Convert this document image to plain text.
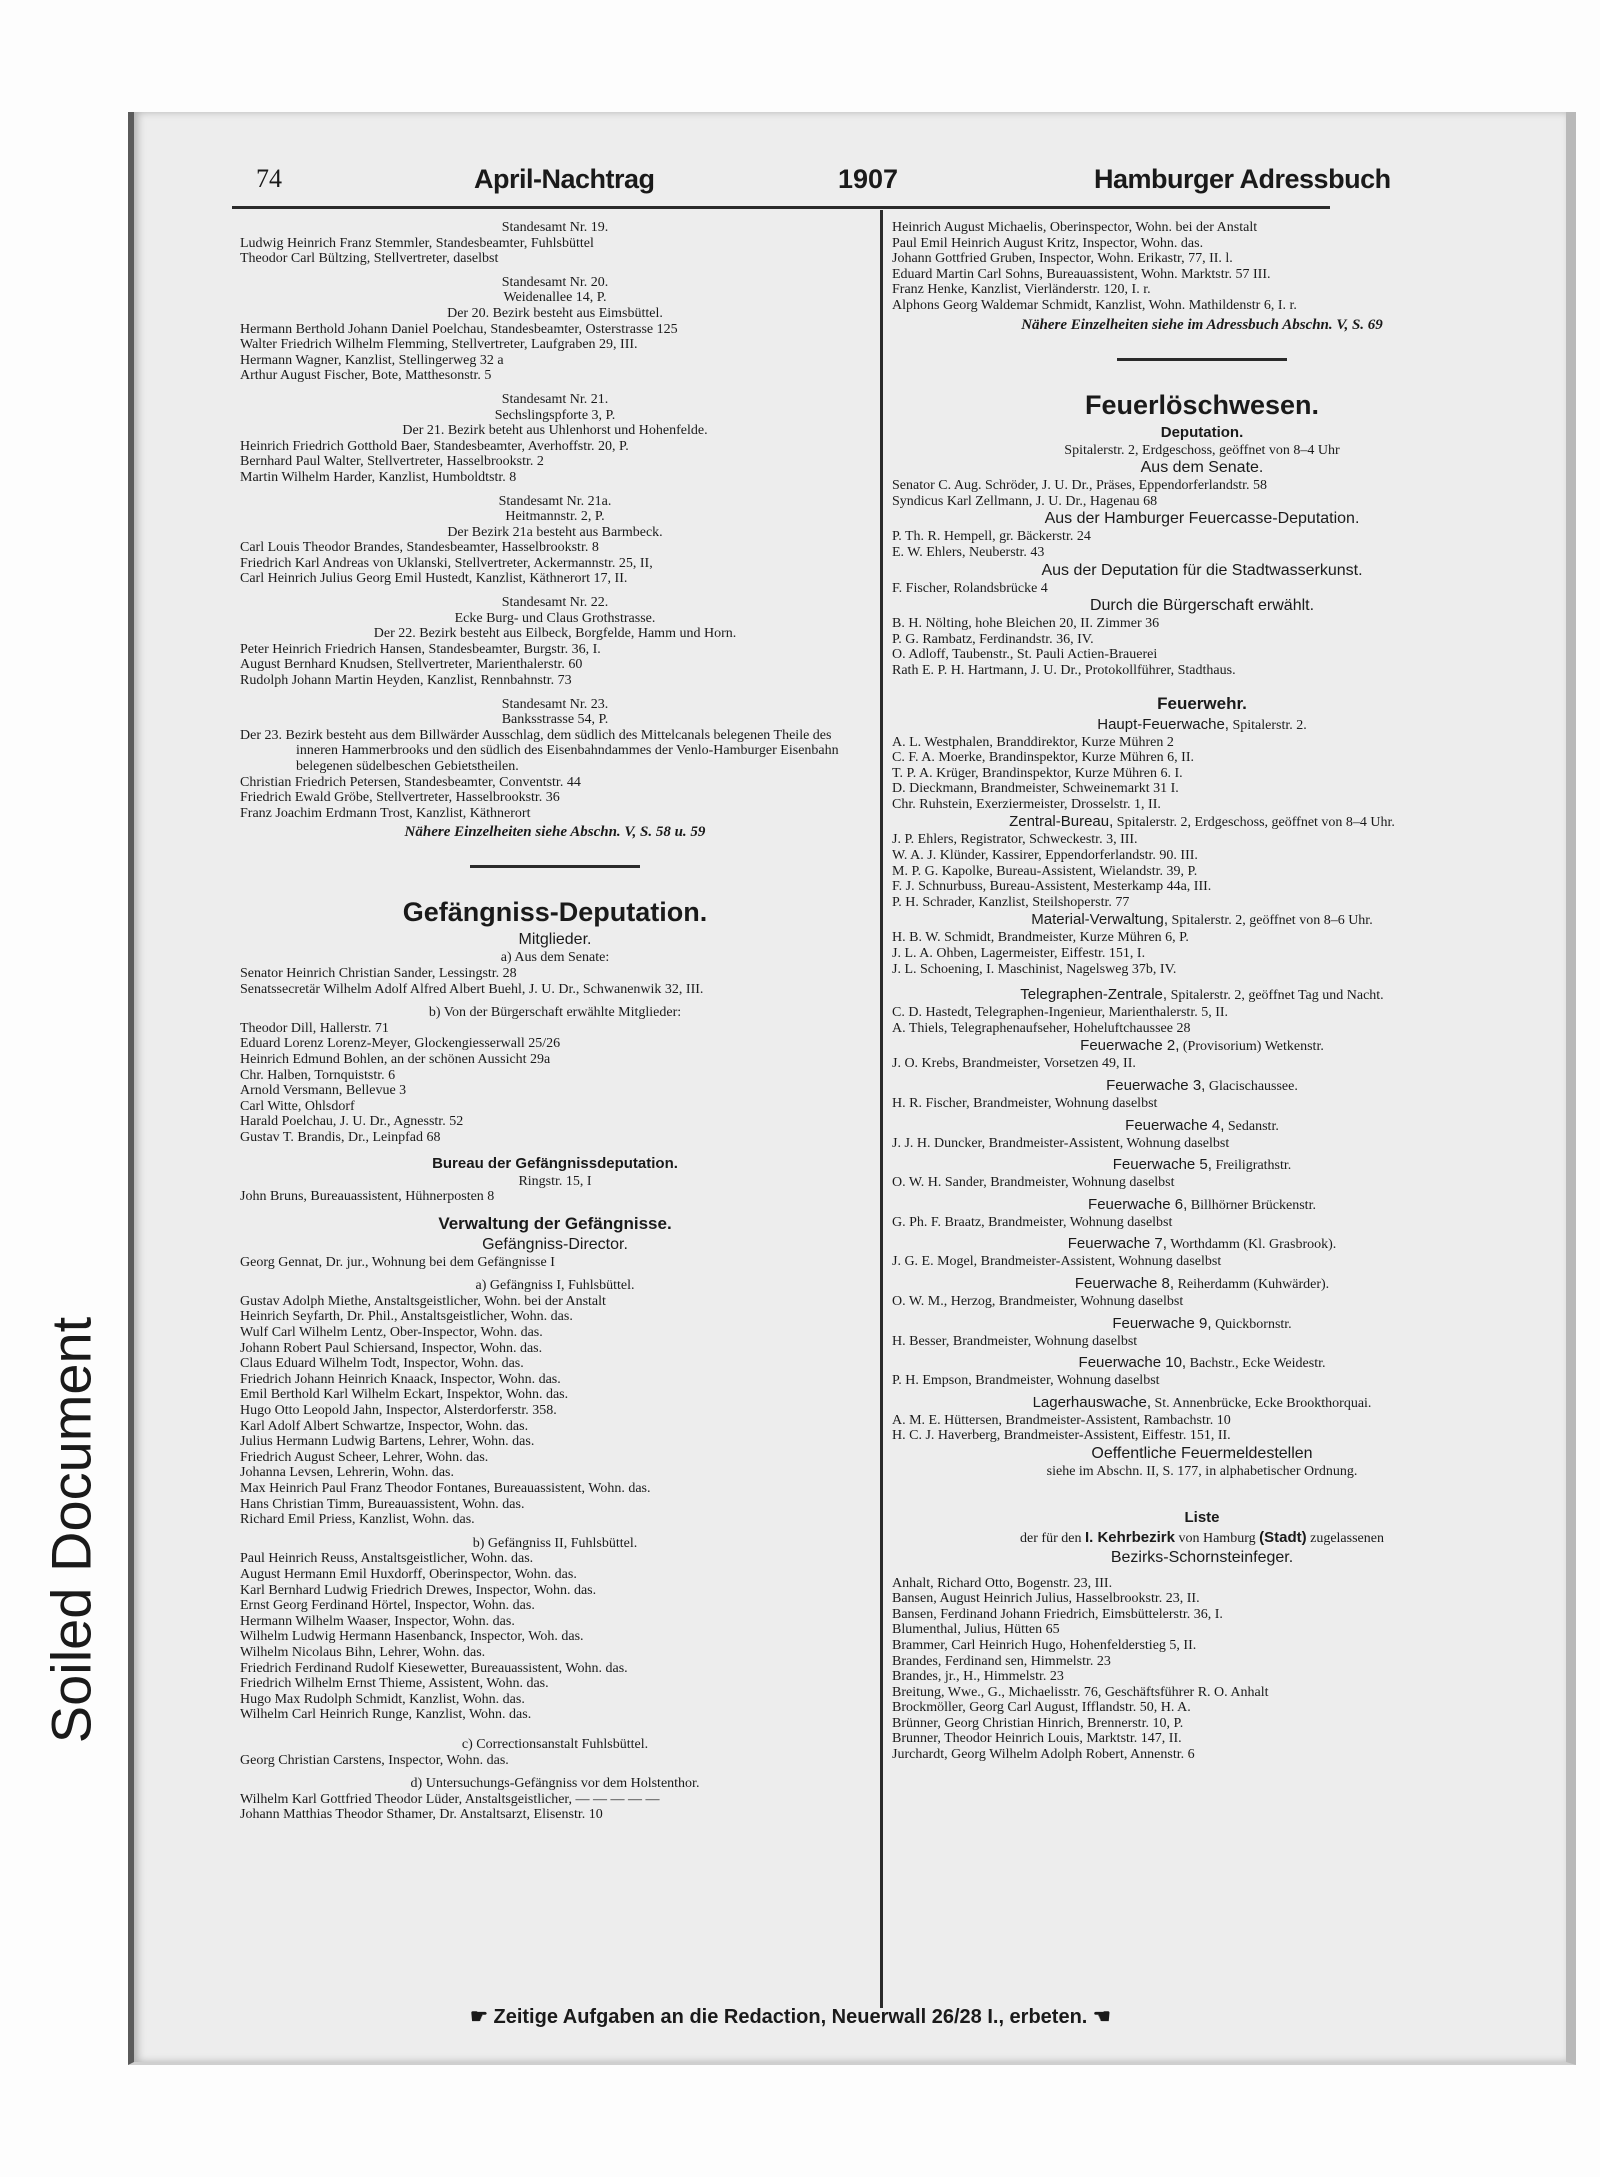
Soiled Document
74	April-Nachtrag	1907	Hamburger Adressbuch
Standesamt Nr. 19.
Ludwig Heinrich Franz Stemmler, Standesbeamter, Fuhlsbüttel
Theodor Carl Bültzing, Stellvertreter, daselbst
Standesamt Nr. 20.
Weidenallee 14, P.
Der 20. Bezirk besteht aus Eimsbüttel.
Hermann Berthold Johann Daniel Poelchau, Standesbeamter, Osterstrasse 125
Walter Friedrich Wilhelm Flemming, Stellvertreter, Laufgraben 29, III.
Hermann Wagner, Kanzlist, Stellingerweg 32 a
Arthur August Fischer, Bote, Matthesonstr. 5
Standesamt Nr. 21.
Sechslingspforte 3, P.
Der 21. Bezirk beteht aus Uhlenhorst und Hohenfelde.
Heinrich Friedrich Gotthold Baer, Standesbeamter, Averhoffstr. 20, P.
Bernhard Paul Walter, Stellvertreter, Hasselbrookstr. 2
Martin Wilhelm Harder, Kanzlist, Humboldtstr. 8
Standesamt Nr. 21a.
Heitmannstr. 2, P.
Der Bezirk 21a besteht aus Barmbeck.
Carl Louis Theodor Brandes, Standesbeamter, Hasselbrookstr. 8
Friedrich Karl Andreas von Uklanski, Stellvertreter, Ackermannstr. 25, II,
Carl Heinrich Julius Georg Emil Hustedt, Kanzlist, Käthnerort 17, II.
Standesamt Nr. 22.
Ecke Burg- und Claus Grothstrasse.
Der 22. Bezirk besteht aus Eilbeck, Borgfelde, Hamm und Horn.
Peter Heinrich Friedrich Hansen, Standesbeamter, Burgstr. 36, I.
August Bernhard Knudsen, Stellvertreter, Marienthalerstr. 60
Rudolph Johann Martin Heyden, Kanzlist, Rennbahnstr. 73
Standesamt Nr. 23.
Banksstrasse 54, P.
Der 23. Bezirk besteht aus dem Billwärder Ausschlag, dem südlich des Mittelcanals belegenen Theile des inneren Hammerbrooks und den südlich des Eisenbahndammes der Venlo-Hamburger Eisenbahn belegenen südelbeschen Gebietstheilen.
Christian Friedrich Petersen, Standesbeamter, Conventstr. 44
Friedrich Ewald Gröbe, Stellvertreter, Hasselbrookstr. 36
Franz Joachim Erdmann Trost, Kanzlist, Käthnerort
Nähere Einzelheiten siehe Abschn. V, S. 58 u. 59
Gefängniss-Deputation.
Mitglieder.
a) Aus dem Senate:
Senator Heinrich Christian Sander, Lessingstr. 28
Senatssecretär Wilhelm Adolf Alfred Albert Buehl, J. U. Dr., Schwanenwik 32, III.
b) Von der Bürgerschaft erwählte Mitglieder:
Theodor Dill, Hallerstr. 71
Eduard Lorenz Lorenz-Meyer, Glockengiesserwall 25/26
Heinrich Edmund Bohlen, an der schönen Aussicht 29a
Chr. Halben, Tornquiststr. 6
Arnold Versmann, Bellevue 3
Carl Witte, Ohlsdorf
Harald Poelchau, J. U. Dr., Agnesstr. 52
Gustav T. Brandis, Dr., Leinpfad 68
Bureau der Gefängnissdeputation.
Ringstr. 15, I
John Bruns, Bureauassistent, Hühnerposten 8
Verwaltung der Gefängnisse.
Gefängniss-Director.
Georg Gennat, Dr. jur., Wohnung bei dem Gefängnisse I
a) Gefängniss I, Fuhlsbüttel.
Gustav Adolph Miethe, Anstaltsgeistlicher, Wohn. bei der Anstalt
Heinrich Seyfarth, Dr. Phil., Anstaltsgeistlicher, Wohn. das.
Wulf Carl Wilhelm Lentz, Ober-Inspector, Wohn. das.
Johann Robert Paul Schiersand, Inspector, Wohn. das.
Claus Eduard Wilhelm Todt, Inspector, Wohn. das.
Friedrich Johann Heinrich Knaack, Inspector, Wohn. das.
Emil Berthold Karl Wilhelm Eckart, Inspektor, Wohn. das.
Hugo Otto Leopold Jahn, Inspector, Alsterdorferstr. 358.
Karl Adolf Albert Schwartze, Inspector, Wohn. das.
Julius Hermann Ludwig Bartens, Lehrer, Wohn. das.
Friedrich August Scheer, Lehrer, Wohn. das.
Johanna Levsen, Lehrerin, Wohn. das.
Max Heinrich Paul Franz Theodor Fontanes, Bureauassistent, Wohn. das.
Hans Christian Timm, Bureauassistent, Wohn. das.
Richard Emil Priess, Kanzlist, Wohn. das.
b) Gefängniss II, Fuhlsbüttel.
Paul Heinrich Reuss, Anstaltsgeistlicher, Wohn. das.
August Hermann Emil Huxdorff, Oberinspector, Wohn. das.
Karl Bernhard Ludwig Friedrich Drewes, Inspector, Wohn. das.
Ernst Georg Ferdinand Hörtel, Inspector, Wohn. das.
Hermann Wilhelm Waaser, Inspector, Wohn. das.
Wilhelm Ludwig Hermann Hasenbanck, Inspector, Woh. das.
Wilhelm Nicolaus Bihn, Lehrer, Wohn. das.
Friedrich Ferdinand Rudolf Kiesewetter, Bureauassistent, Wohn. das.
Friedrich Wilhelm Ernst Thieme, Assistent, Wohn. das.
Hugo Max Rudolph Schmidt, Kanzlist, Wohn. das.
Wilhelm Carl Heinrich Runge, Kanzlist, Wohn. das.
c) Correctionsanstalt Fuhlsbüttel.
Georg Christian Carstens, Inspector, Wohn. das.
d) Untersuchungs-Gefängniss vor dem Holstenthor.
Wilhelm Karl Gottfried Theodor Lüder, Anstaltsgeistlicher, — — — — —
Johann Matthias Theodor Sthamer, Dr. Anstaltsarzt, Elisenstr. 10
Heinrich August Michaelis, Oberinspector, Wohn. bei der Anstalt
Paul Emil Heinrich August Kritz, Inspector, Wohn. das.
Johann Gottfried Gruben, Inspector, Wohn. Erikastr, 77, II. l.
Eduard Martin Carl Sohns, Bureauassistent, Wohn. Marktstr. 57 III.
Franz Henke, Kanzlist, Vierländerstr. 120, I. r.
Alphons Georg Waldemar Schmidt, Kanzlist, Wohn. Mathildenstr 6, I. r.
Nähere Einzelheiten siehe im Adressbuch Abschn. V, S. 69
Feuerlöschwesen.
Deputation.
Spitalerstr. 2, Erdgeschoss, geöffnet von 8–4 Uhr
Aus dem Senate.
Senator C. Aug. Schröder, J. U. Dr., Präses, Eppendorferlandstr. 58
Syndicus Karl Zellmann, J. U. Dr., Hagenau 68
Aus der Hamburger Feuercasse-Deputation.
P. Th. R. Hempell, gr. Bäckerstr. 24
E. W. Ehlers, Neuberstr. 43
Aus der Deputation für die Stadtwasserkunst.
F. Fischer, Rolandsbrücke 4
Durch die Bürgerschaft erwählt.
B. H. Nölting, hohe Bleichen 20, II. Zimmer 36
P. G. Rambatz, Ferdinandstr. 36, IV.
O. Adloff, Taubenstr., St. Pauli Actien-Brauerei
Rath E. P. H. Hartmann, J. U. Dr., Protokollführer, Stadthaus.
Feuerwehr.
Haupt-Feuerwache, Spitalerstr. 2.
A. L. Westphalen, Branddirektor, Kurze Mühren 2
C. F. A. Moerke, Brandinspektor, Kurze Mühren 6, II.
T. P. A. Krüger, Brandinspektor, Kurze Mühren 6. I.
D. Dieckmann, Brandmeister, Schweinemarkt 31 I.
Chr. Ruhstein, Exerziermeister, Drosselstr. 1, II.
Zentral-Bureau, Spitalerstr. 2, Erdgeschoss, geöffnet von 8–4 Uhr.
J. P. Ehlers, Registrator, Schweckestr. 3, III.
W. A. J. Klünder, Kassirer, Eppendorferlandstr. 90. III.
M. P. G. Kapolke, Bureau-Assistent, Wielandstr. 39, P.
F. J. Schnurbuss, Bureau-Assistent, Mesterkamp 44a, III.
P. H. Schrader, Kanzlist, Steilshoperstr. 77
Material-Verwaltung, Spitalerstr. 2, geöffnet von 8–6 Uhr.
H. B. W. Schmidt, Brandmeister, Kurze Mühren 6, P.
J. L. A. Ohben, Lagermeister, Eiffestr. 151, I.
J. L. Schoening, I. Maschinist, Nagelsweg 37b, IV.
Telegraphen-Zentrale, Spitalerstr. 2, geöffnet Tag und Nacht.
C. D. Hastedt, Telegraphen-Ingenieur, Marienthalerstr. 5, II.
A. Thiels, Telegraphenaufseher, Hoheluftchaussee 28
Feuerwache 2, (Provisorium) Wetkenstr.
J. O. Krebs, Brandmeister, Vorsetzen 49, II.
Feuerwache 3, Glacischaussee.
H. R. Fischer, Brandmeister, Wohnung daselbst
Feuerwache 4, Sedanstr.
J. J. H. Duncker, Brandmeister-Assistent, Wohnung daselbst
Feuerwache 5, Freiligrathstr.
O. W. H. Sander, Brandmeister, Wohnung daselbst
Feuerwache 6, Billhörner Brückenstr.
G. Ph. F. Braatz, Brandmeister, Wohnung daselbst
Feuerwache 7, Worthdamm (Kl. Grasbrook).
J. G. E. Mogel, Brandmeister-Assistent, Wohnung daselbst
Feuerwache 8, Reiherdamm (Kuhwärder).
O. W. M., Herzog, Brandmeister, Wohnung daselbst
Feuerwache 9, Quickbornstr.
H. Besser, Brandmeister, Wohnung daselbst
Feuerwache 10, Bachstr., Ecke Weidestr.
P. H. Empson, Brandmeister, Wohnung daselbst
Lagerhauswache, St. Annenbrücke, Ecke Brookthorquai.
A. M. E. Hüttersen, Brandmeister-Assistent, Rambachstr. 10
H. C. J. Haverberg, Brandmeister-Assistent, Eiffestr. 151, II.
Oeffentliche Feuermeldestellen
siehe im Abschn. II, S. 177, in alphabetischer Ordnung.
Liste
der für den I. Kehrbezirk von Hamburg (Stadt) zugelassenen
Bezirks-Schornsteinfeger.
Anhalt, Richard Otto, Bogenstr. 23, III.
Bansen, August Heinrich Julius, Hasselbrookstr. 23, II.
Bansen, Ferdinand Johann Friedrich, Eimsbüttelerstr. 36, I.
Blumenthal, Julius, Hütten 65
Brammer, Carl Heinrich Hugo, Hohenfelderstieg 5, II.
Brandes, Ferdinand sen, Himmelstr. 23
Brandes, jr., H., Himmelstr. 23
Breitung, Wwe., G., Michaelisstr. 76, Geschäftsführer R. O. Anhalt
Brockmöller, Georg Carl August, Ifflandstr. 50, H. A.
Brünner, Georg Christian Hinrich, Brennerstr. 10, P.
Brunner, Theodor Heinrich Louis, Marktstr. 147, II.
Jurchardt, Georg Wilhelm Adolph Robert, Annenstr. 6
☛ Zeitige Aufgaben an die Redaction, Neuerwall 26/28 I., erbeten. ☚
